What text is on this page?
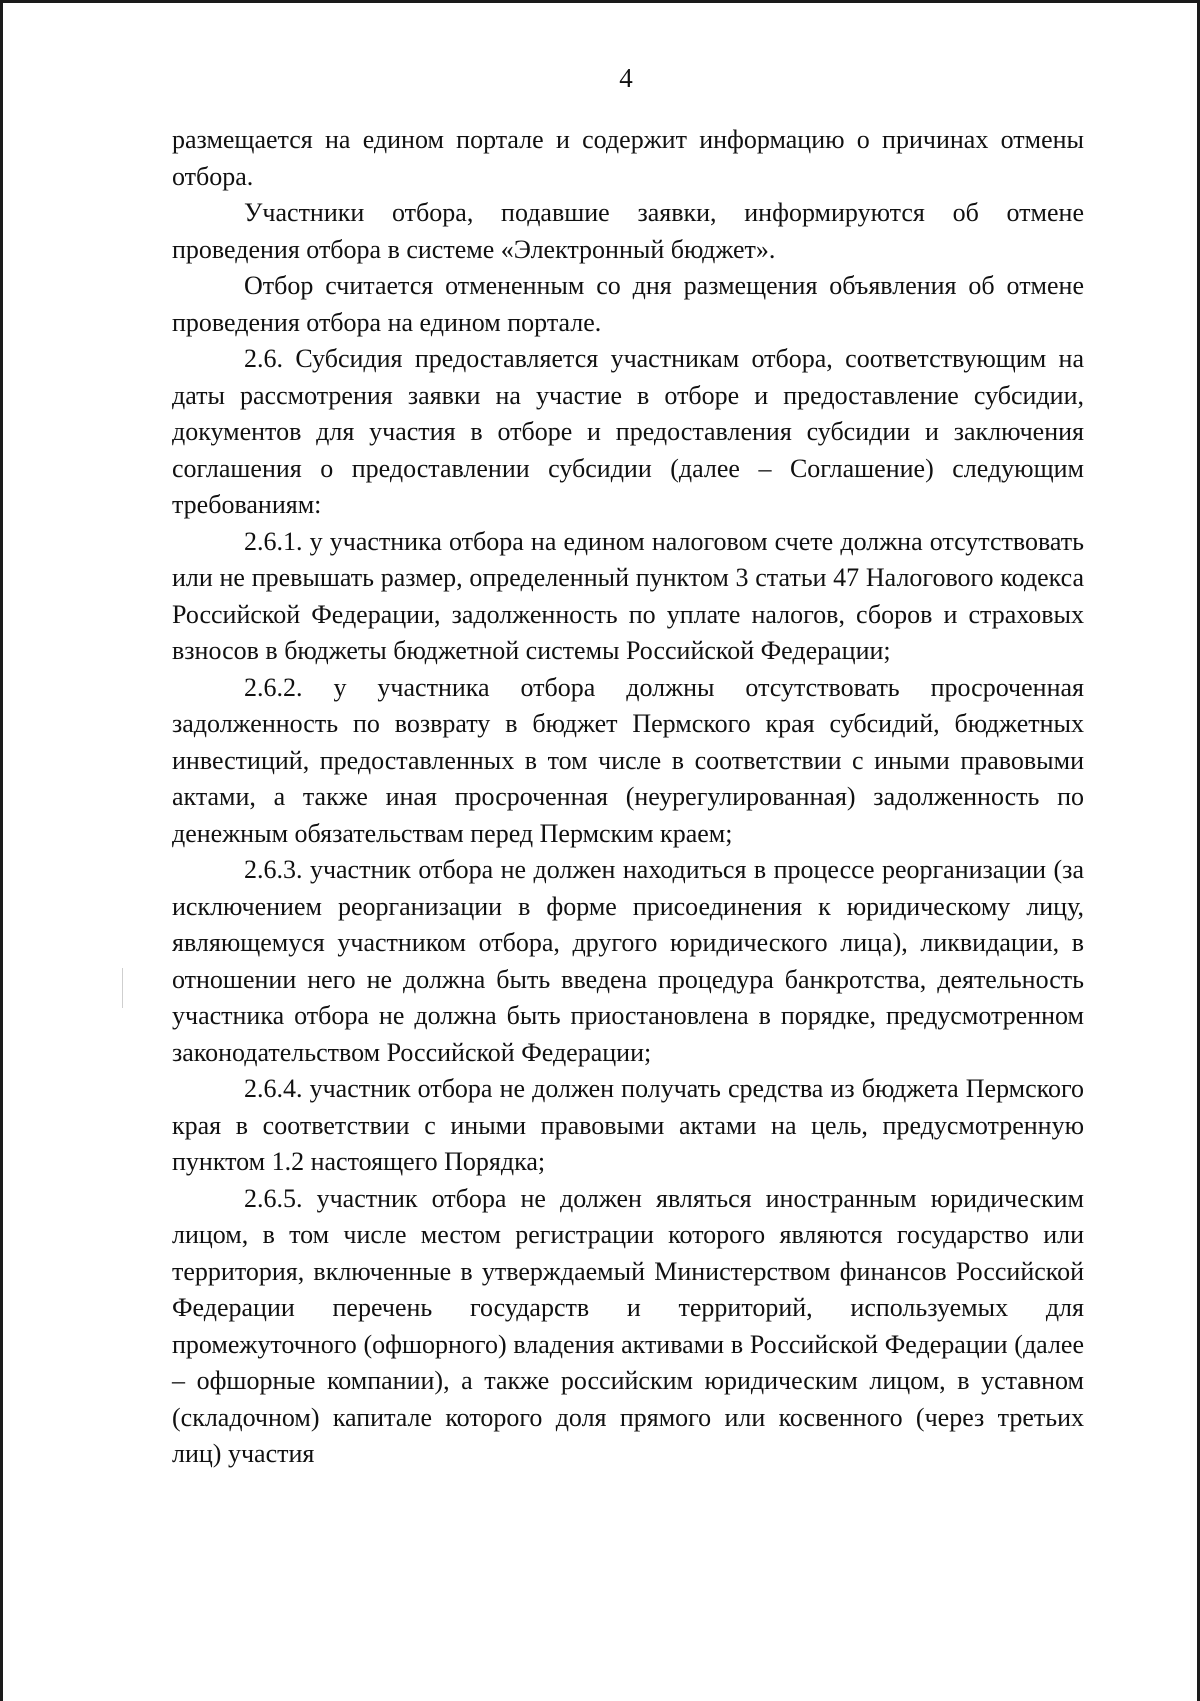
4

размещается на едином портале и содержит информацию о причинах отмены отбора.

Участники отбора, подавшие заявки, информируются об отмене проведения отбора в системе «Электронный бюджет».

Отбор считается отмененным со дня размещения объявления об отмене проведения отбора на едином портале.

2.6. Субсидия предоставляется участникам отбора, соответствующим на даты рассмотрения заявки на участие в отборе и предоставление субсидии, документов для участия в отборе и предоставления субсидии и заключения соглашения о предоставлении субсидии (далее – Соглашение) следующим требованиям:

2.6.1. у участника отбора на едином налоговом счете должна отсутствовать или не превышать размер, определенный пунктом 3 статьи 47 Налогового кодекса Российской Федерации, задолженность по уплате налогов, сборов и страховых взносов в бюджеты бюджетной системы Российской Федерации;

2.6.2. у участника отбора должны отсутствовать просроченная задолженность по возврату в бюджет Пермского края субсидий, бюджетных инвестиций, предоставленных в том числе в соответствии с иными правовыми актами, а также иная просроченная (неурегулированная) задолженность по денежным обязательствам перед Пермским краем;

2.6.3. участник отбора не должен находиться в процессе реорганизации (за исключением реорганизации в форме присоединения к юридическому лицу, являющемуся участником отбора, другого юридического лица), ликвидации, в отношении него не должна быть введена процедура банкротства, деятельность участника отбора не должна быть приостановлена в порядке, предусмотренном законодательством Российской Федерации;

2.6.4. участник отбора не должен получать средства из бюджета Пермского края в соответствии с иными правовыми актами на цель, предусмотренную пунктом 1.2 настоящего Порядка;

2.6.5. участник отбора не должен являться иностранным юридическим лицом, в том числе местом регистрации которого являются государство или территория, включенные в утверждаемый Министерством финансов Российской Федерации перечень государств и территорий, используемых для промежуточного (офшорного) владения активами в Российской Федерации (далее – офшорные компании), а также российским юридическим лицом, в уставном (складочном) капитале которого доля прямого или косвенного (через третьих лиц) участия
